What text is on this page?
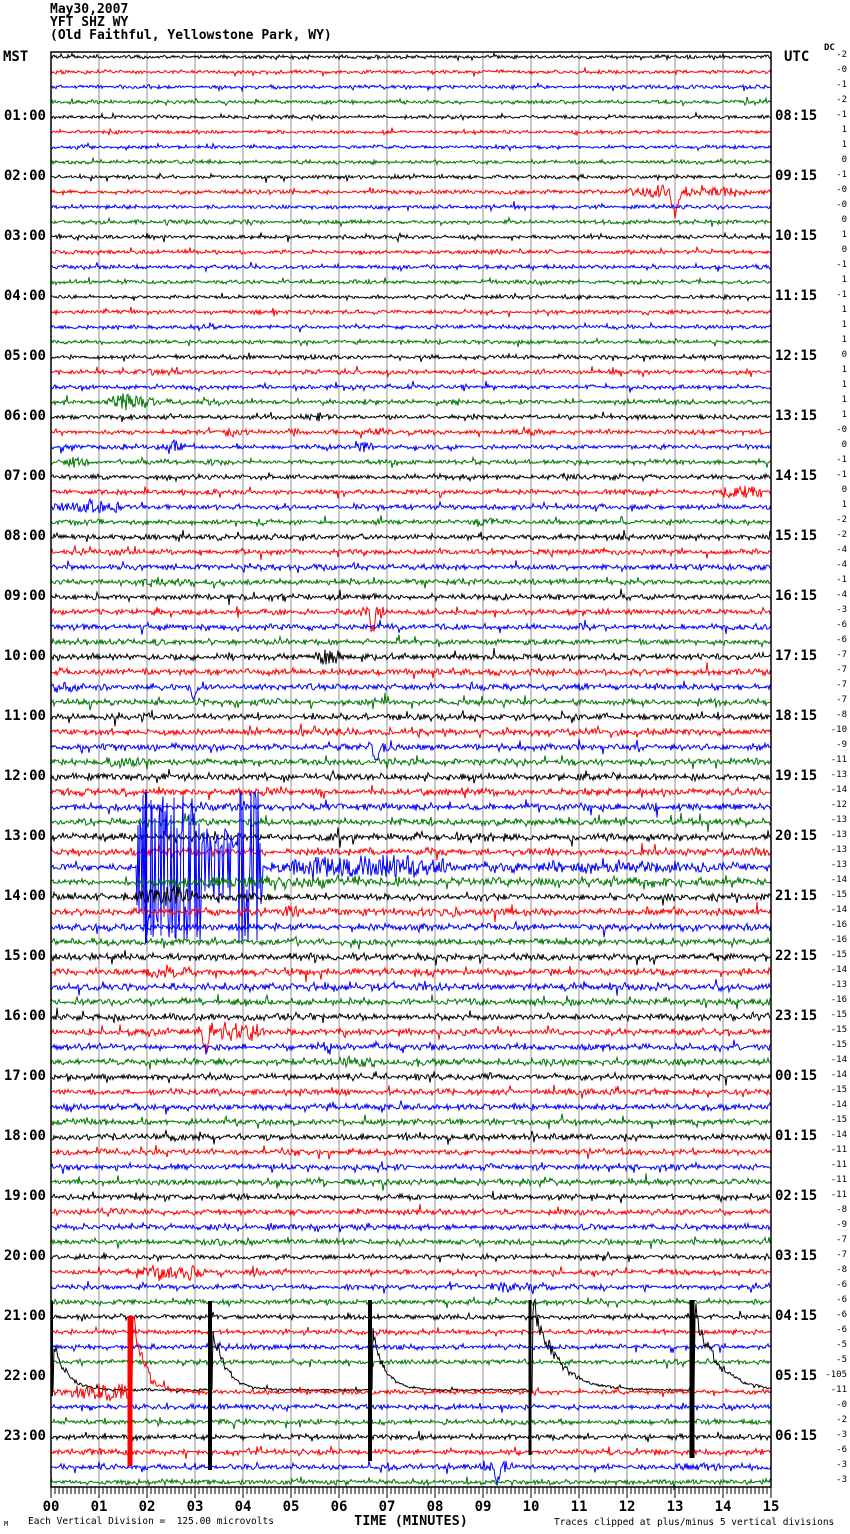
May30,2007
YFT SHZ WY
(Old Faithful, Yellowstone Park, WY)
MST	UTC
DC
M Each Vertical Division =  125.00 microvolts	TIME (MINUTES)	Traces clipped at plus/minus 5 vertical divisions
-2
-0
-1
-2
01:00	08:15	-1
1
1
0
02:00	09:15	-1
-0
-0
0
03:00	10:15	1
0
-1
1
04:00	11:15	-1
1
1
1
05:00	12:15	0
1
1
1
06:00	13:15	1
-0
0
-1
07:00	14:15	-1
0
1
-2
08:00	15:15	-2
-4
-4
-1
09:00	16:15	-4
-3
-6
-6
10:00	17:15	-7
-7
-7
-7
11:00	18:15	-8
-10
-9
-11
12:00	19:15	-13
-14
-12
-13
13:00	20:15	-13
-13
-13
-14
14:00	21:15	-15
-14
-16
-16
15:00	22:15	-15
-14
-13
-16
16:00	23:15	-15
-15
-15
-14
17:00	00:15	-14
-15
-14
-15
18:00	01:15	-14
-11
-11
-11
19:00	02:15	-11
-8
-9
-7
20:00	03:15	-7
-8
-6
-6
21:00	04:15	-6
-6
-5
-5
22:00	05:15 -105
-11
-0
-2
23:00	06:15	-3
-6
-3
-3
00 01 02 03 04 05 06 07 08 09 10 11 12 13 14 15
